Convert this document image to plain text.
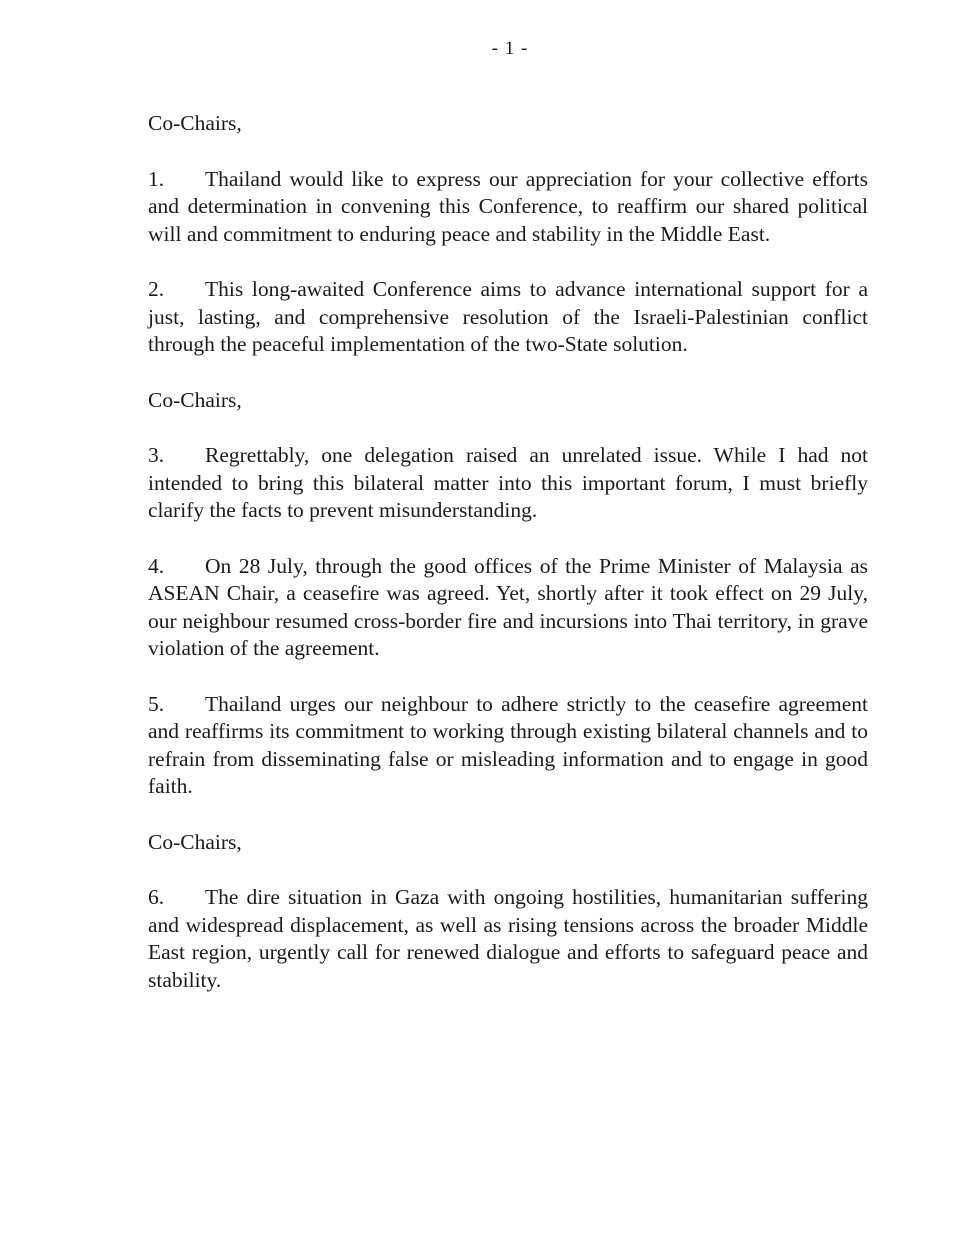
- 1 -

Co-Chairs,

1. Thailand would like to express our appreciation for your collective efforts and determination in convening this Conference, to reaffirm our shared political will and commitment to enduring peace and stability in the Middle East.

2. This long-awaited Conference aims to advance international support for a just, lasting, and comprehensive resolution of the Israeli-Palestinian conflict through the peaceful implementation of the two-State solution.

Co-Chairs,

3. Regrettably, one delegation raised an unrelated issue. While I had not intended to bring this bilateral matter into this important forum, I must briefly clarify the facts to prevent misunderstanding.

4. On 28 July, through the good offices of the Prime Minister of Malaysia as ASEAN Chair, a ceasefire was agreed. Yet, shortly after it took effect on 29 July, our neighbour resumed cross-border fire and incursions into Thai territory, in grave violation of the agreement.

5. Thailand urges our neighbour to adhere strictly to the ceasefire agreement and reaffirms its commitment to working through existing bilateral channels and to refrain from disseminating false or misleading information and to engage in good faith.

Co-Chairs,

6. The dire situation in Gaza with ongoing hostilities, humanitarian suffering and widespread displacement, as well as rising tensions across the broader Middle East region, urgently call for renewed dialogue and efforts to safeguard peace and stability.
